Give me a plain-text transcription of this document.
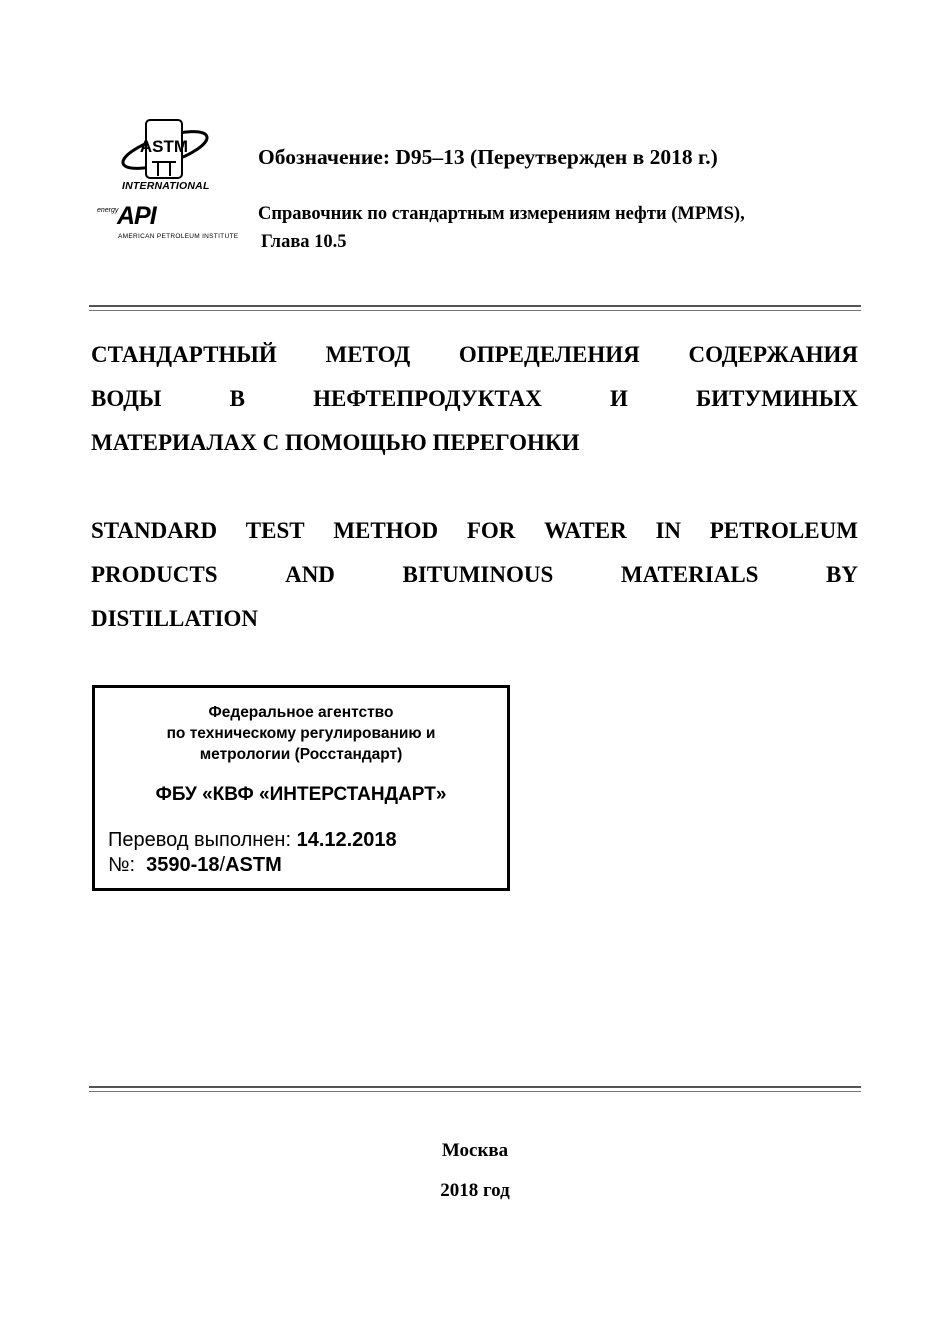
ASTM
INTERNATIONAL
energy
API
AMERICAN PETROLEUM INSTITUTE
Обозначение: D95–13 (Переутвержден в 2018 г.)
Справочник по стандартным измерениям нефти (MPMS),
Глава 10.5
СТАНДАРТНЫЙ МЕТОД ОПРЕДЕЛЕНИЯ СОДЕРЖАНИЯ
ВОДЫ	В	НЕФТЕПРОДУКТАХ	И	БИТУМИНЫХ
МАТЕРИАЛАХ С ПОМОЩЬЮ ПЕРЕГОНКИ
STANDARD TEST METHOD FOR WATER IN PETROLEUM
PRODUCTS	AND	BITUMINOUS	MATERIALS	BY
DISTILLATION
Федеральное агентство
по техническому регулированию и
метрологии (Росстандарт)
ФБУ «КВФ «ИНТЕРСТАНДАРТ»
Перевод выполнен: 14.12.2018
№: 3590-18/ASTM
Москва
2018 год
